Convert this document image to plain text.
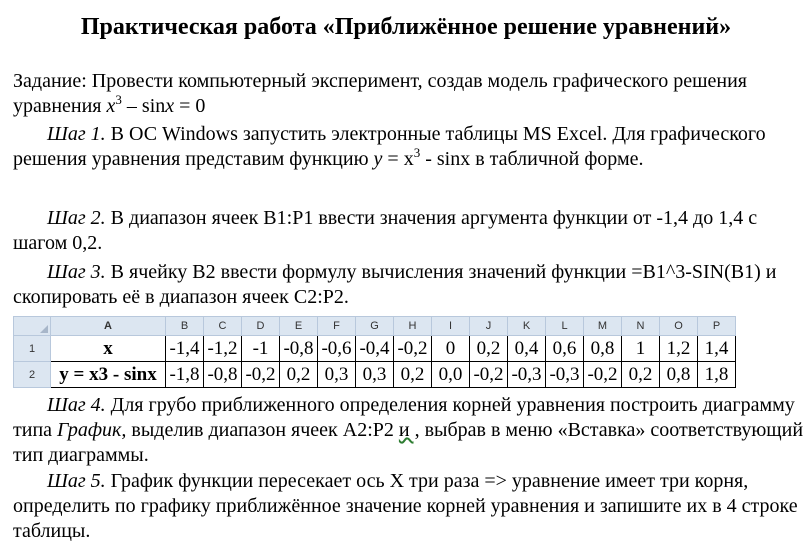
Практическая работа «Приближённое решение уравнений»
Задание: Провести компьютерный эксперимент, создав модель графического решения уравнения $x^3 - \sin x = 0$
Шаг 1. В ОС Windows запустить электронные таблицы MS Excel. Для графического решения уравнения представим функцию $y = x^3 - \sin x$ в табличной форме.
Шаг 2. В диапазон ячеек B1:P1 ввести значения аргумента функции от -1,4 до 1,4 с шагом 0,2.
Шаг 3. В ячейку B2 ввести формулу вычисления значений функции =B1^3-SIN(B1) и скопировать её в диапазон ячеек C2:P2.
	A	B	C	D	E	F	G	H	I	J	K	L	M	N	O	P
1	x	-1,4	-1,2	-1	-0,8	-0,6	-0,4	-0,2	0	0,2	0,4	0,6	0,8	1	1,2	1,4
2	y = x3 - sinx	-1,8	-0,8	-0,2	0,2	0,3	0,3	0,2	0,0	-0,2	-0,3	-0,3	-0,2	0,2	0,8	1,8
Шаг 4. Для грубо приближенного определения корней уравнения построить диаграмму типа График, выделив диапазон ячеек А2:Р2 и , выбрав в меню «Вставка» соответствующий тип диаграммы.
Шаг 5. График функции пересекает ось X три раза => уравнение имеет три корня, определить по графику приближённое значение корней уравнения и запишите их в 4 строке таблицы.
